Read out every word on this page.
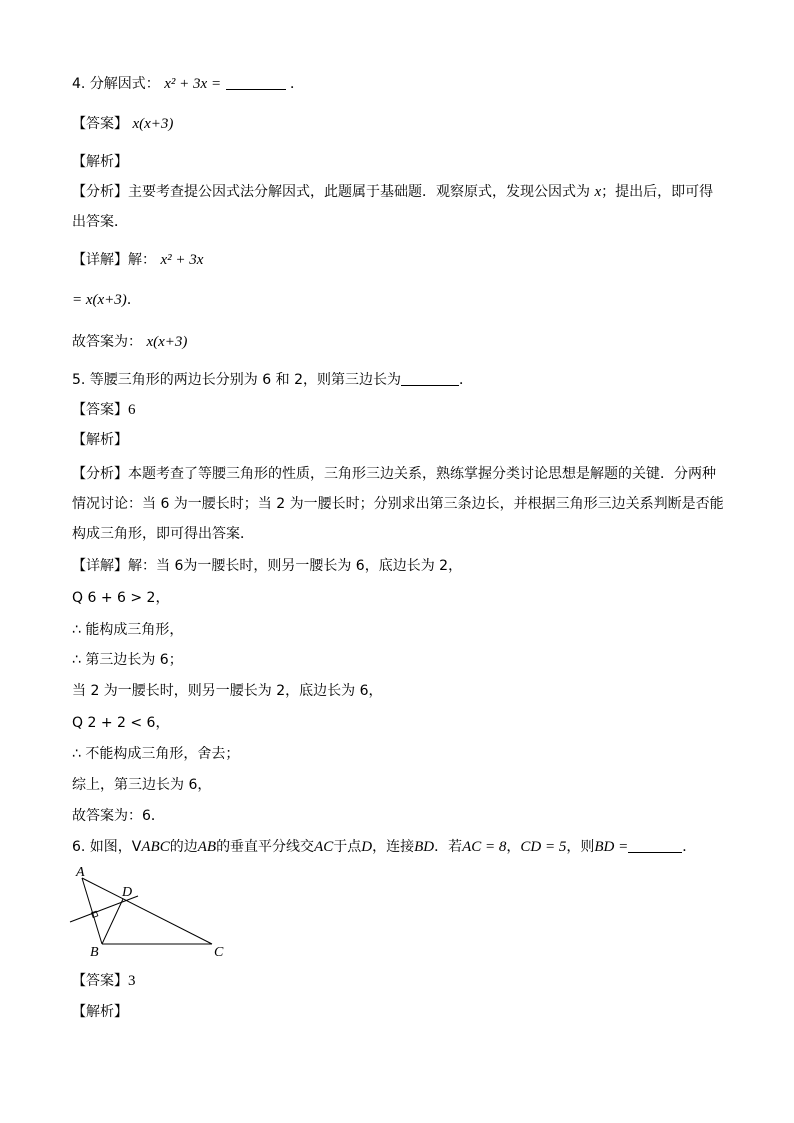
4. 分解因式： x² + 3x =	．
【答案】 x(x+3)
【解析】
【分析】主要考查提公因式法分解因式，此题属于基础题．观察原式，发现公因式为 x；提出后，即可得
出答案．
【详解】解： x² + 3x
= x(x+3)．
故答案为： x(x+3)
5. 等腰三角形的两边长分别为 6 和 2，则第三边长为	．
【答案】6
【解析】
【分析】本题考查了等腰三角形的性质，三角形三边关系，熟练掌握分类讨论思想是解题的关键．分两种
情况讨论：当 6 为一腰长时；当 2 为一腰长时；分别求出第三条边长，并根据三角形三边关系判断是否能
构成三角形，即可得出答案．
【详解】解：当 6为一腰长时，则另一腰长为 6，底边长为 2，
Q 6 + 6 > 2，
∴ 能构成三角形，
∴ 第三边长为 6；
当 2 为一腰长时，则另一腰长为 2，底边长为 6，
Q 2 + 2 < 6，
∴ 不能构成三角形，舍去；
综上，第三边长为 6，
故答案为：6．
6. 如图，VABC的边AB的垂直平分线交AC于点D，连接BD．若AC = 8，CD = 5，则BD =	．
A
D
B	C
【答案】3
【解析】
